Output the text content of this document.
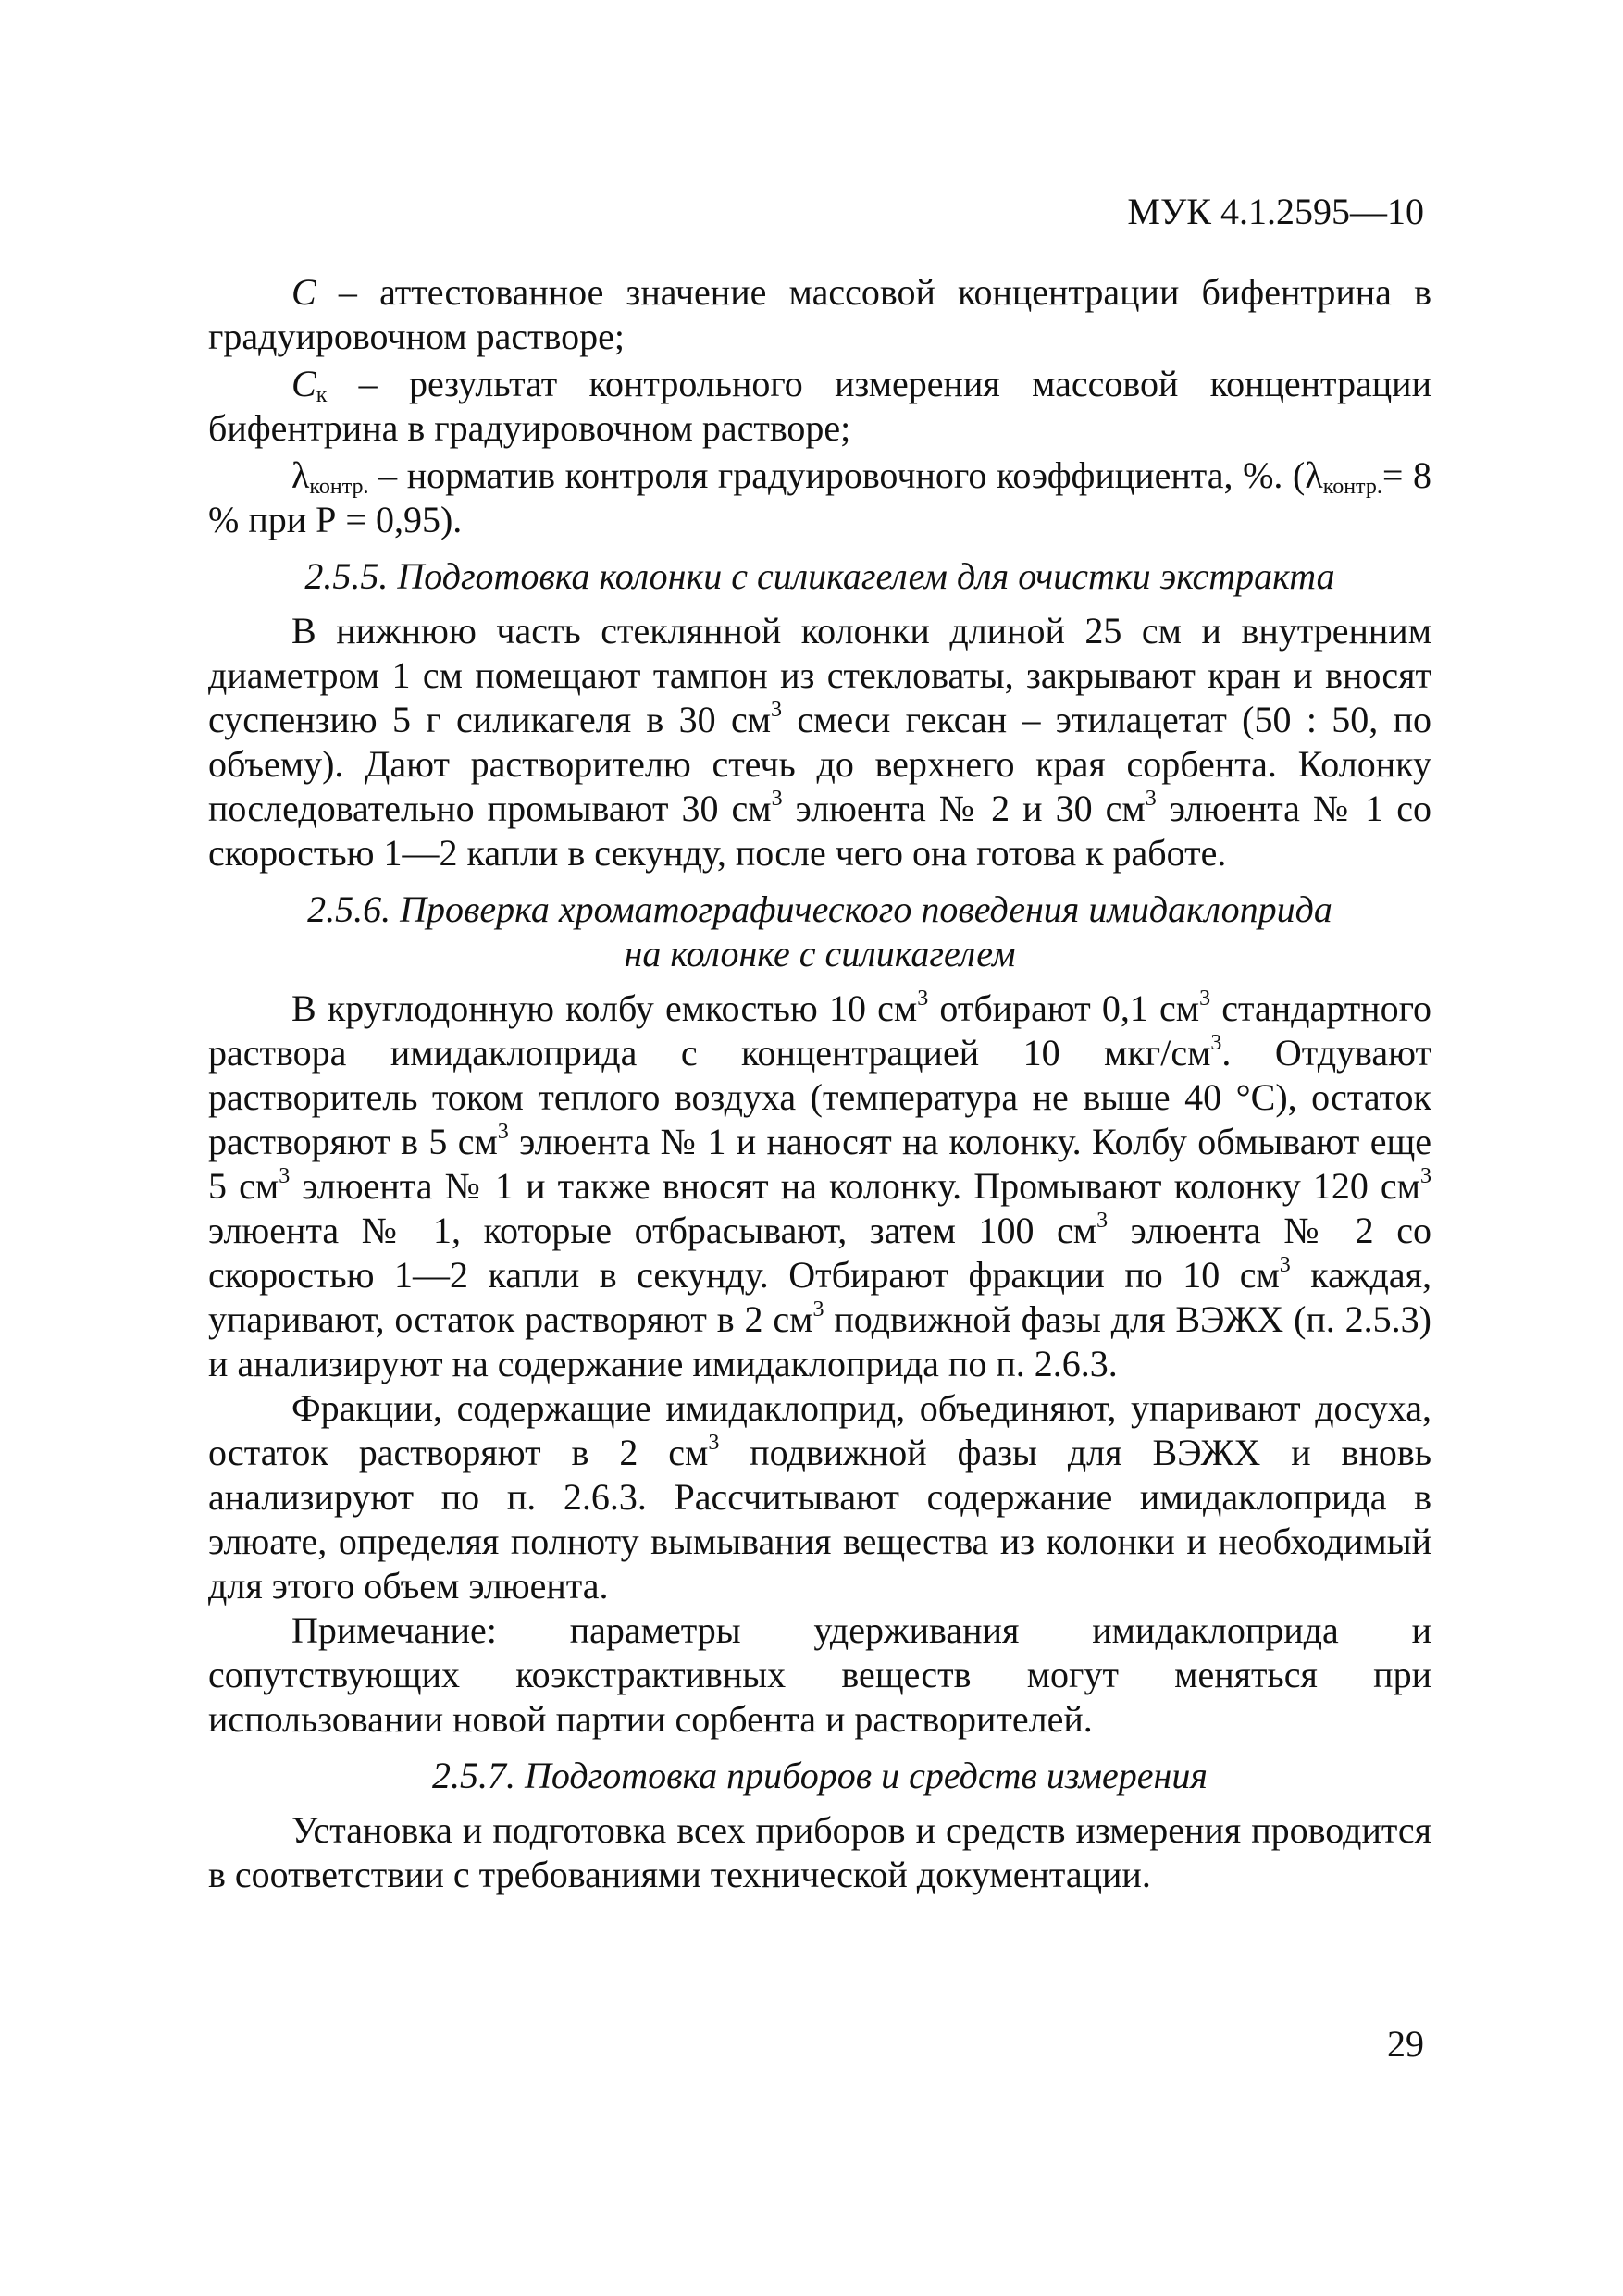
МУК 4.1.2595—10

С – аттестованное значение массовой концентрации бифентрина в градуировочном растворе;

$С_к$ – результат контрольного измерения массовой концентрации бифентрина в градуировочном растворе;

$\lambda_{контр.}$ – норматив контроля градуировочного коэффициента, %. ($\lambda_{контр.}= 8$ % при Р = 0,95).

2.5.5. Подготовка колонки с силикагелем для очистки экстракта

В нижнюю часть стеклянной колонки длиной 25 см и внутренним диаметром 1 см помещают тампон из стекловаты, закрывают кран и вносят суспензию 5 г силикагеля в 30 $см^3$ смеси гексан – этилацетат (50 : 50, по объему). Дают растворителю стечь до верхнего края сорбента. Колонку последовательно промывают 30 $см^3$ элюента № 2 и 30 $см^3$ элюента № 1 со скоростью 1—2 капли в секунду, после чего она готова к работе.

2.5.6. Проверка хроматографического поведения имидаклоприда
на колонке с силикагелем

В круглодонную колбу емкостью 10 $см^3$ отбирают 0,1 $см^3$ стандартного раствора имидаклоприда с концентрацией 10 мкг/$см^3$. Отдувают растворитель током теплого воздуха (температура не выше 40 °С), остаток растворяют в 5 $см^3$ элюента № 1 и наносят на колонку. Колбу обмывают еще 5 $см^3$ элюента № 1 и также вносят на колонку. Промывают колонку 120 $см^3$ элюента № 1, которые отбрасывают, затем 100 $см^3$ элюента № 2 со скоростью 1—2 капли в секунду. Отбирают фракции по 10 $см^3$ каждая, упаривают, остаток растворяют в 2 $см^3$ подвижной фазы для ВЭЖХ (п. 2.5.3) и анализируют на содержание имидаклоприда по п. 2.6.3.

Фракции, содержащие имидаклоприд, объединяют, упаривают досуха, остаток растворяют в 2 $см^3$ подвижной фазы для ВЭЖХ и вновь анализируют по п. 2.6.3. Рассчитывают содержание имидаклоприда в элюате, определяя полноту вымывания вещества из колонки и необходимый для этого объем элюента.

Примечание: параметры удерживания имидаклоприда и сопутствующих коэкстрактивных веществ могут меняться при использовании новой партии сорбента и растворителей.

2.5.7. Подготовка приборов и средств измерения

Установка и подготовка всех приборов и средств измерения проводится в соответствии с требованиями технической документации.

29
